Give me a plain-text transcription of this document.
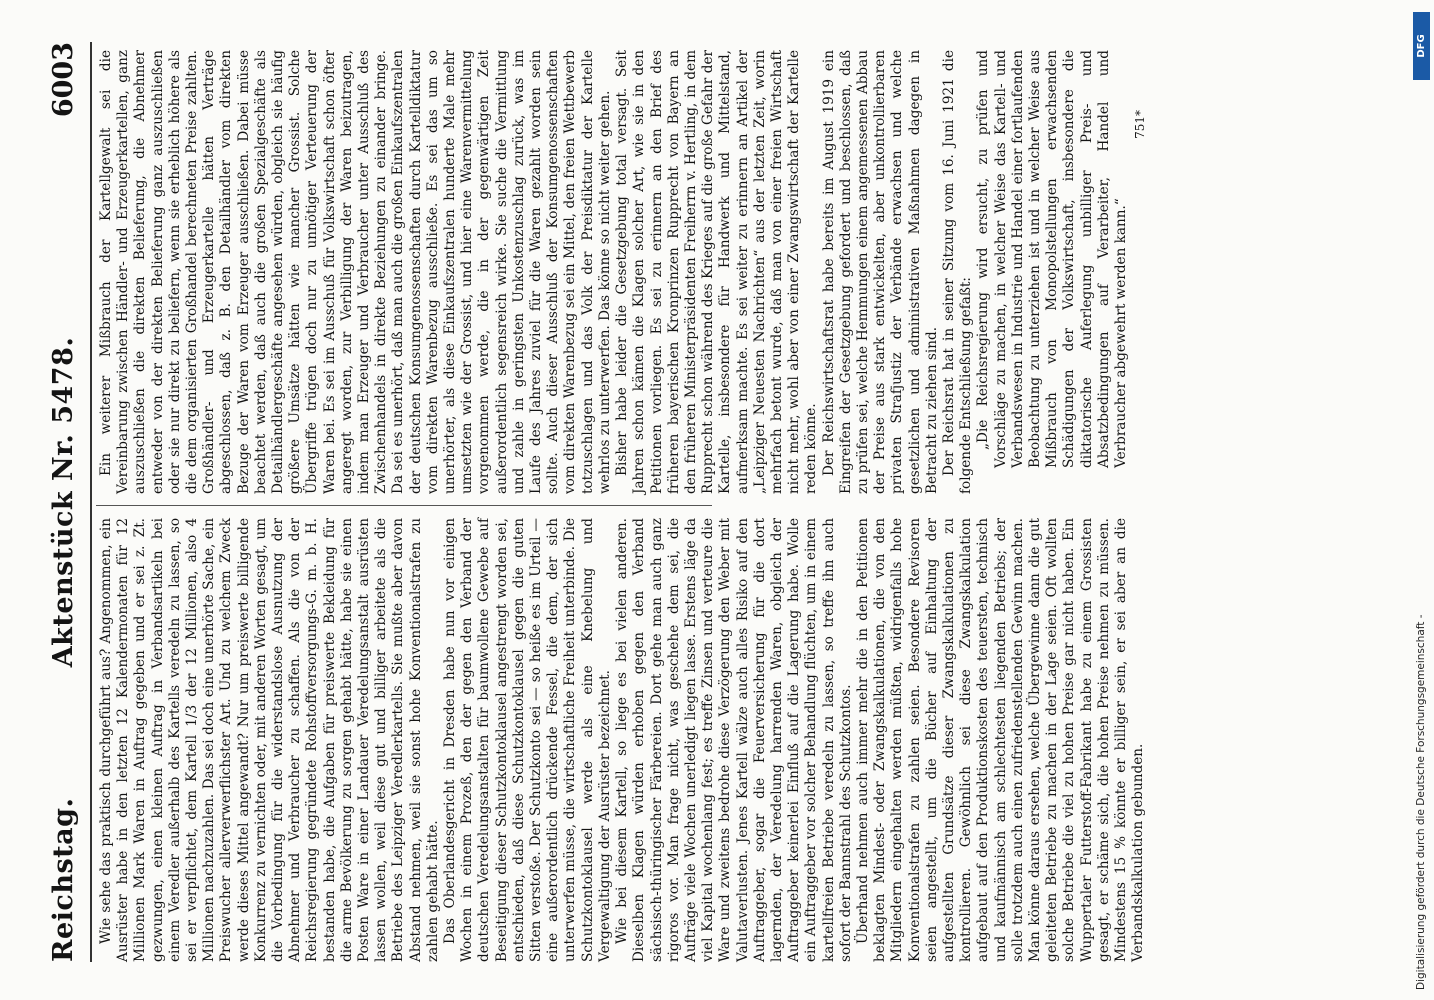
Reichstag.
Aktenstück Nr. 5478.
6003

Wie sehe das praktisch durchgeführt aus? Angenommen, ein Ausrüster habe in den letzten 12 Kalendermonaten für 12 Millionen Mark Waren in Auftrag gegeben und er sei z. Zt. gezwungen, einen kleinen Auftrag in Verbandsartikeln bei einem Veredler außerhalb des Kartells veredeln zu lassen, so sei er verpflichtet, dem Kartell 1/3 der 12 Millionen, also 4 Millionen nachzuzahlen. Das sei doch eine unerhörte Sache, ein Preiswucher allerverwerflichster Art. Und zu welchem Zweck werde dieses Mittel angewandt? Nur um preiswerte billigende Konkurrenz zu vernichten oder, mit anderen Worten gesagt, um die Vorbedingung für die widerstandslose Ausnutzung der Abnehmer und Verbraucher zu schaffen. Als die von der Reichsregierung gegründete Rohstoffversorgungs-G. m. b. H. bestanden habe, die Aufgaben für preiswerte Bekleidung für die arme Bevölkerung zu sorgen gehabt hätte, habe sie einen Posten Ware in einer Landauer Veredelungsanstalt ausrüsten lassen wollen, weil diese gut und billiger arbeitete als die Betriebe des Leipziger Veredlerkartells. Sie mußte aber davon Abstand nehmen, weil sie sonst hohe Konventionalstrafen zu zahlen gehabt hätte. Das Oberlandesgericht in Dresden habe nun vor einigen Wochen in einem Prozeß, den der gegen den Verband der deutschen Veredelungsanstalten für baumwollene Gewebe auf Beseitigung dieser Schutzkontoklausel angestrengt worden sei, entschieden, daß diese Schutzkontoklausel gegen die guten Sitten verstoße. Der Schutzkonto sei — so heiße es im Urteil — eine außerordentlich drückende Fessel, die dem, der sich unterwerfen müsse, die wirtschaftliche Freiheit unterbinde. Die Schutzkontoklausel werde als eine Knebelung und Vergewaltigung der Ausrüster bezeichnet. Wie bei diesem Kartell, so liege es bei vielen anderen. Dieselben Klagen würden erhoben gegen den Verband sächsisch-thüringischer Färbereien. Dort gehe man auch ganz rigoros vor. Man frage nicht, was geschehe dem sei, die Aufträge viele Wochen unerledigt liegen lasse. Erstens läge da viel Kapital wochenlang fest; es treffe Zinsen und verteure die Ware und zweitens bedrohe diese Verzögerung den Weber mit Valutaverlusten. Jenes Kartell wälze auch alles Risiko auf den Auftraggeber, sogar die Feuerversicherung für die dort lagernden, der Veredelung harrenden Waren, obgleich der Auftraggeber keinerlei Einfluß auf die Lagerung habe. Wolle ein Auftraggeber vor solcher Behandlung flüchten, um in einem kartellfreien Betriebe veredeln zu lassen, so treffe ihn auch sofort der Bannstrahl des Schutzkontos. Überhand nehmen auch immer mehr die in den Petitionen beklagten Mindest- oder Zwangskalkulationen, die von den Mitgliedern eingehalten werden müßten, widrigenfalls hohe Konventionalstrafen zu zahlen seien. Besondere Revisoren seien angestellt, um die Bücher auf Einhaltung der aufgestellten Grundsätze dieser Zwangskalkulationen zu kontrollieren. Gewöhnlich sei diese Zwangskalkulation aufgebaut auf den Produktionskosten des teuersten, technisch und kaufmännisch am schlechtesten liegenden Betriebs; der solle trotzdem auch einen zufriedenstellenden Gewinn machen. Man könne daraus ersehen, welche Übergewinne dann die gut geleiteten Betriebe zu machen in der Lage seien. Oft wollten solche Betriebe die viel zu hohen Preise gar nicht haben. Ein Wuppertaler Futterstoff-Fabrikant habe zu einem Grossisten gesagt, er schäme sich, die hohen Preise nehmen zu müssen. Mindestens 15 % könnte er billiger sein, er sei aber an die Verbandskalkulation gebunden.

Ein weiterer Mißbrauch der Kartellgewalt sei die Vereinbarung zwischen Händler- und Erzeugerkartellen, ganz auszuschließen die direkten Belieferung, die Abnehmer entweder von der direkten Belieferung ganz auszuschließen oder sie nur direkt zu beliefern, wenn sie erheblich höhere als die dem organisierten Großhandel berechneten Preise zahlten. Großhändler- und Erzeugerkartelle hätten Verträge abgeschlossen, daß z. B. den Detailhändler vom direkten Bezuge der Waren vom Erzeuger ausschließen. Dabei müsse beachtet werden, daß auch die großen Spezialgeschäfte als Detailhändlergeschäfte angesehen würden, obgleich sie häufig größere Umsätze hätten wie mancher Grossist. Solche Übergriffe trügen doch nur zu unnötiger Verteuerung der Waren bei. Es sei im Ausschuß für Volkswirtschaft schon öfter angeregt worden, zur Verbilligung der Waren beizutragen, indem man Erzeuger und Verbraucher unter Ausschluß des Zwischenhandels in direkte Beziehungen zu einander bringe. Da sei es unerhört, daß man auch die großen Einkaufszentralen der deutschen Konsumgenossenschaften durch Kartelldiktatur vom direkten Warenbezug ausschließe. Es sei das um so unerhörter, als diese Einkaufszentralen hunderte Male mehr umsetzten wie der Grossist, und hier eine Warenvermittelung vorgenommen werde, die in der gegenwärtigen Zeit außerordentlich segensreich wirke. Sie suche die Vermittlung und zahle in geringsten Unkostenzuschlag zurück, was im Laufe des Jahres zuviel für die Waren gezahlt worden sein sollte. Auch dieser Ausschluß der Konsumgenossenschaften vom direkten Warenbezug sei ein Mittel, den freien Wettbewerb totzuschlagen und das Volk der Preisdiktatur der Kartelle wehrlos zu unterwerfen. Das könne so nicht weiter gehen. Bisher habe leider die Gesetzgebung total versagt. Seit Jahren schon kämen die Klagen solcher Art, wie sie in den Petitionen vorliegen. Es sei zu erinnern an den Brief des früheren bayerischen Kronprinzen Rupprecht von Bayern an den früheren Ministerpräsidenten Freiherrn v. Hertling, in dem Rupprecht schon während des Krieges auf die große Gefahr der Kartelle, insbesondere für Handwerk und Mittelstand, aufmerksam machte. Es sei weiter zu erinnern an Artikel der „Leipziger Neuesten Nachrichten“ aus der letzten Zeit, worin mehrfach betont wurde, daß man von einer freien Wirtschaft nicht mehr, wohl aber von einer Zwangswirtschaft der Kartelle reden könne. Der Reichswirtschaftsrat habe bereits im August 1919 ein Eingreifen der Gesetzgebung gefordert und beschlossen, daß zu prüfen sei, welche Hemmungen einem angemessenen Abbau der Preise aus stark entwickelten, aber unkontrollierbaren privaten Strafjustiz der Verbände erwachsen und welche gesetzlichen und administrativen Maßnahmen dagegen in Betracht zu ziehen sind. Der Reichsrat hat in seiner Sitzung vom 16. Juni 1921 die folgende Entschließung gefaßt: „Die Reichsregierung wird ersucht, zu prüfen und Vorschläge zu machen, in welcher Weise das Kartell- und Verbandswesen in Industrie und Handel einer fortlaufenden Beobachtung zu unterziehen ist und in welcher Weise aus Mißbrauch von Monopolstellungen erwachsenden Schädigungen der Volkswirtschaft, insbesondere die diktatorische Auferlegung unbilliger Preis- und Absatzbedingungen auf Verarbeiter, Handel und Verbraucher abgewehrt werden kann.“

751*

Digitalisierung gefördert durch die Deutsche Forschungsgemeinschaft -
DFG
